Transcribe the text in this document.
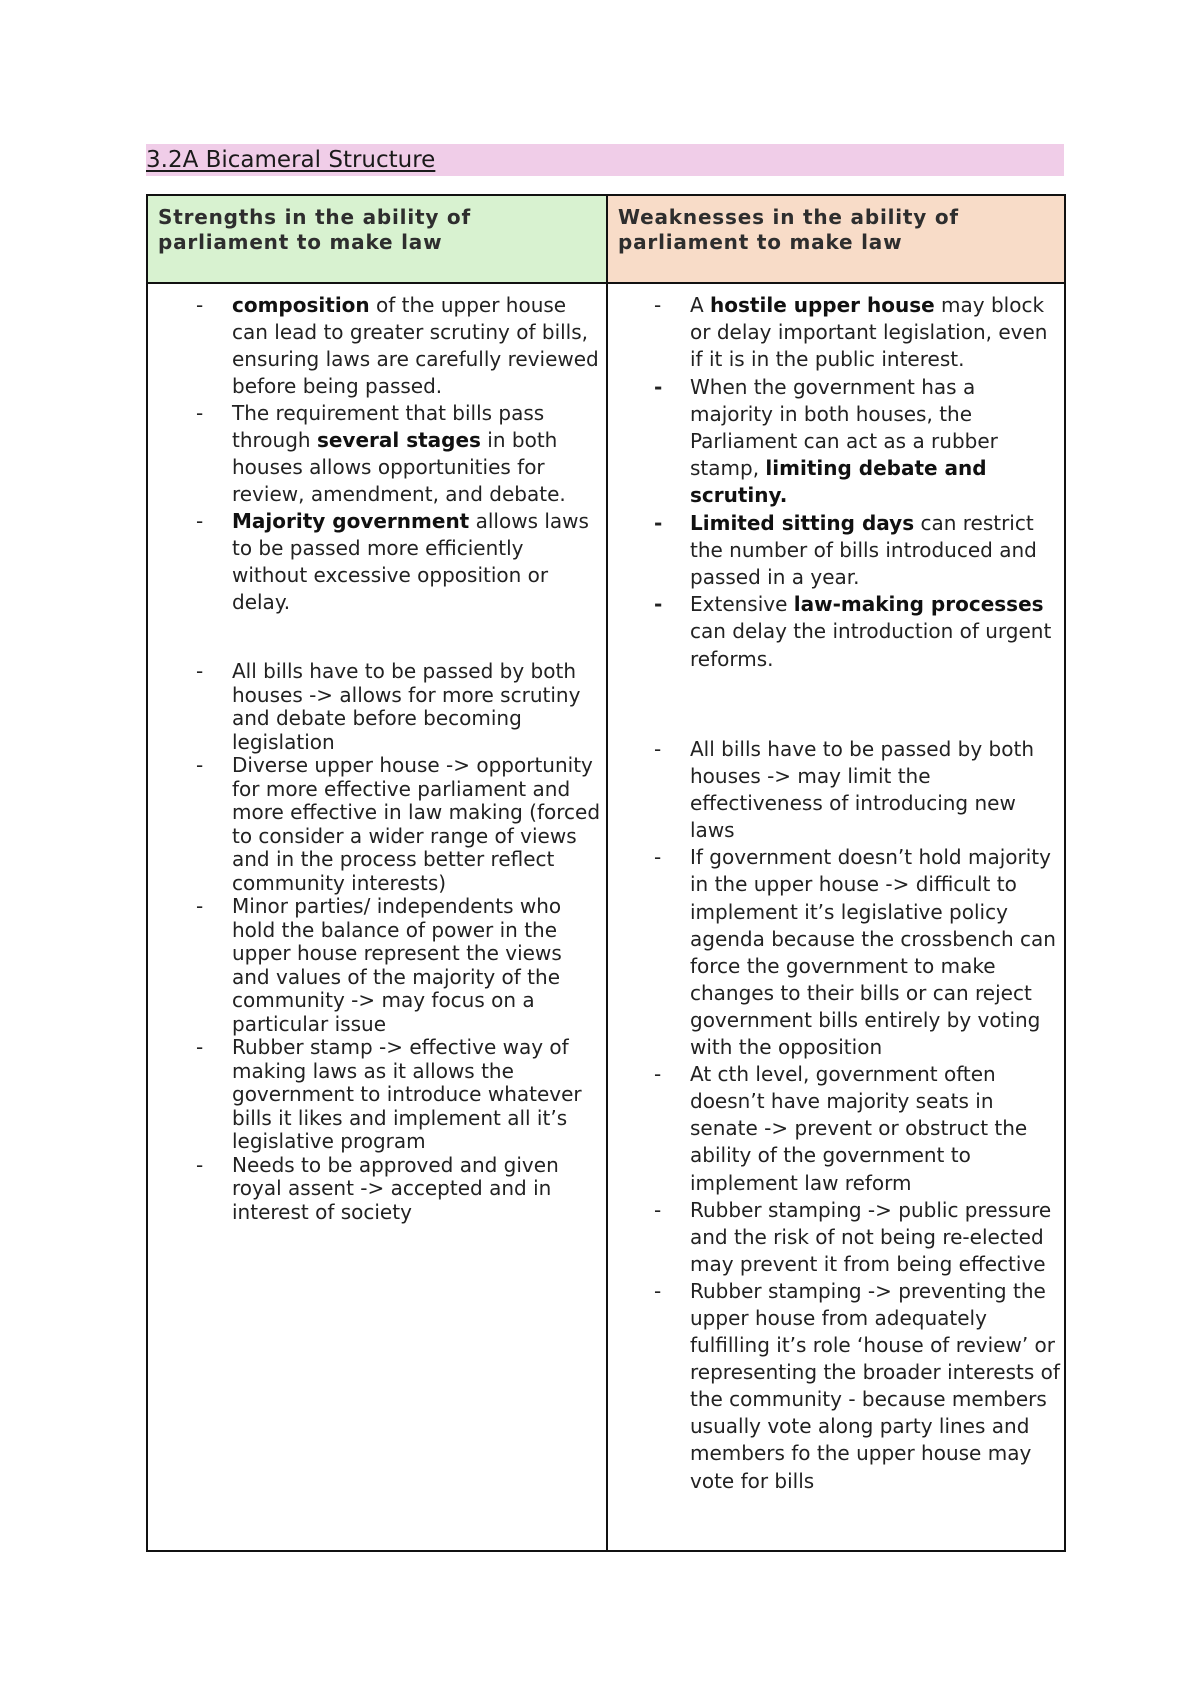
3.2A Bicameral Structure
Strengths in the ability of parliament to make law
Weaknesses in the ability of parliament to make law
- composition of the upper house can lead to greater scrutiny of bills, ensuring laws are carefully reviewed before being passed.
- The requirement that bills pass through several stages in both houses allows opportunities for review, amendment, and debate.
- Majority government allows laws to be passed more efficiently without excessive opposition or delay.
- All bills have to be passed by both houses -> allows for more scrutiny and debate before becoming legislation
- Diverse upper house -> opportunity for more effective parliament and more effective in law making (forced to consider a wider range of views and in the process better reflect community interests)
- Minor parties/ independents who hold the balance of power in the upper house represent the views and values of the majority of the community -> may focus on a particular issue
- Rubber stamp -> effective way of making laws as it allows the government to introduce whatever bills it likes and implement all it’s legislative program
- Needs to be approved and given royal assent -> accepted and in interest of society
- A hostile upper house may block or delay important legislation, even if it is in the public interest.
- When the government has a majority in both houses, the Parliament can act as a rubber stamp, limiting debate and scrutiny.
- Limited sitting days can restrict the number of bills introduced and passed in a year.
- Extensive law-making processes can delay the introduction of urgent reforms.
- All bills have to be passed by both houses -> may limit the effectiveness of introducing new laws
- If government doesn’t hold majority in the upper house -> difficult to implement it’s legislative policy agenda because the crossbench can force the government to make changes to their bills or can reject government bills entirely by voting with the opposition
- At cth level, government often doesn’t have majority seats in senate -> prevent or obstruct the ability of the government to implement law reform
- Rubber stamping -> public pressure and the risk of not being re-elected may prevent it from being effective
- Rubber stamping -> preventing the upper house from adequately fulfilling it’s role ‘house of review’ or representing the broader interests of the community - because members usually vote along party lines and members fo the upper house may vote for bills
